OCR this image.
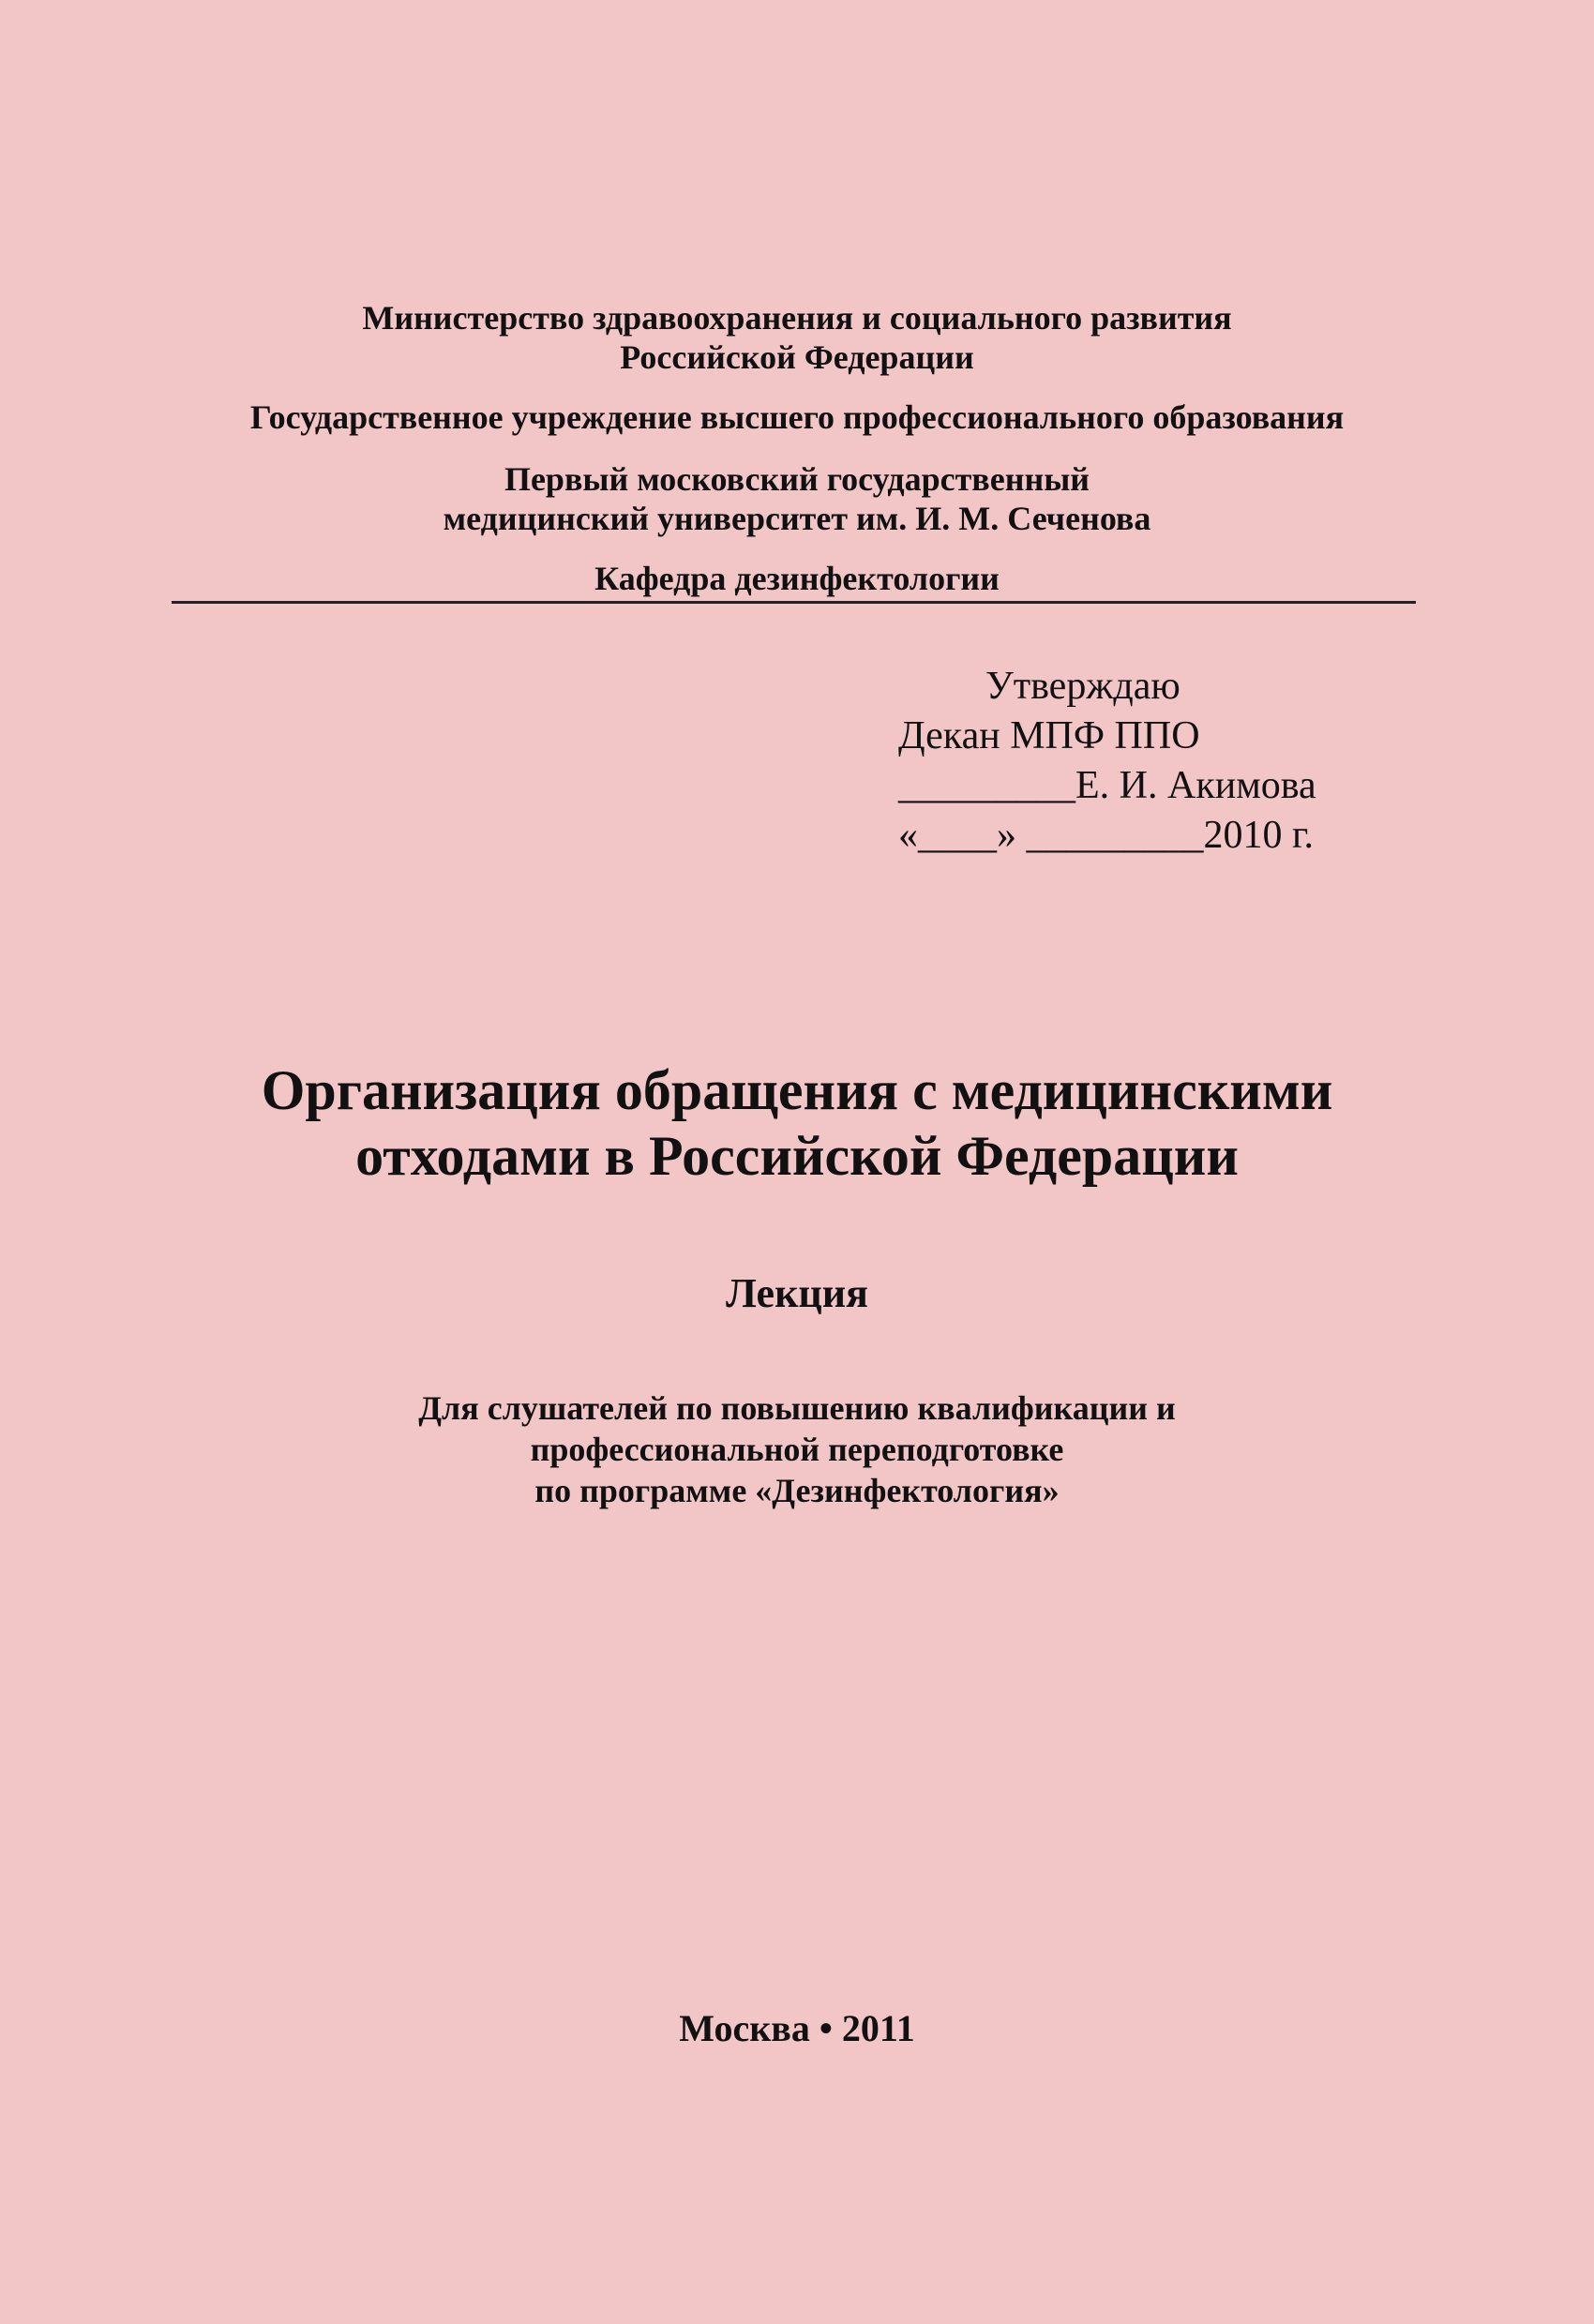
Министерство здравоохранения и социального развития
Российской Федерации
Государственное учреждение высшего профессионального образования
Первый московский государственный
медицинский университет им. И. М. Сеченова
Кафедра дезинфектологии
Утверждаю
Декан МПФ ППО
_________Е. И. Акимова
«____» _________2010 г.
Организация обращения с медицинскими
отходами в Российской Федерации
Лекция
Для слушателей по повышению квалификации и
профессиональной переподготовке
по программе «Дезинфектология»
Москва • 2011
